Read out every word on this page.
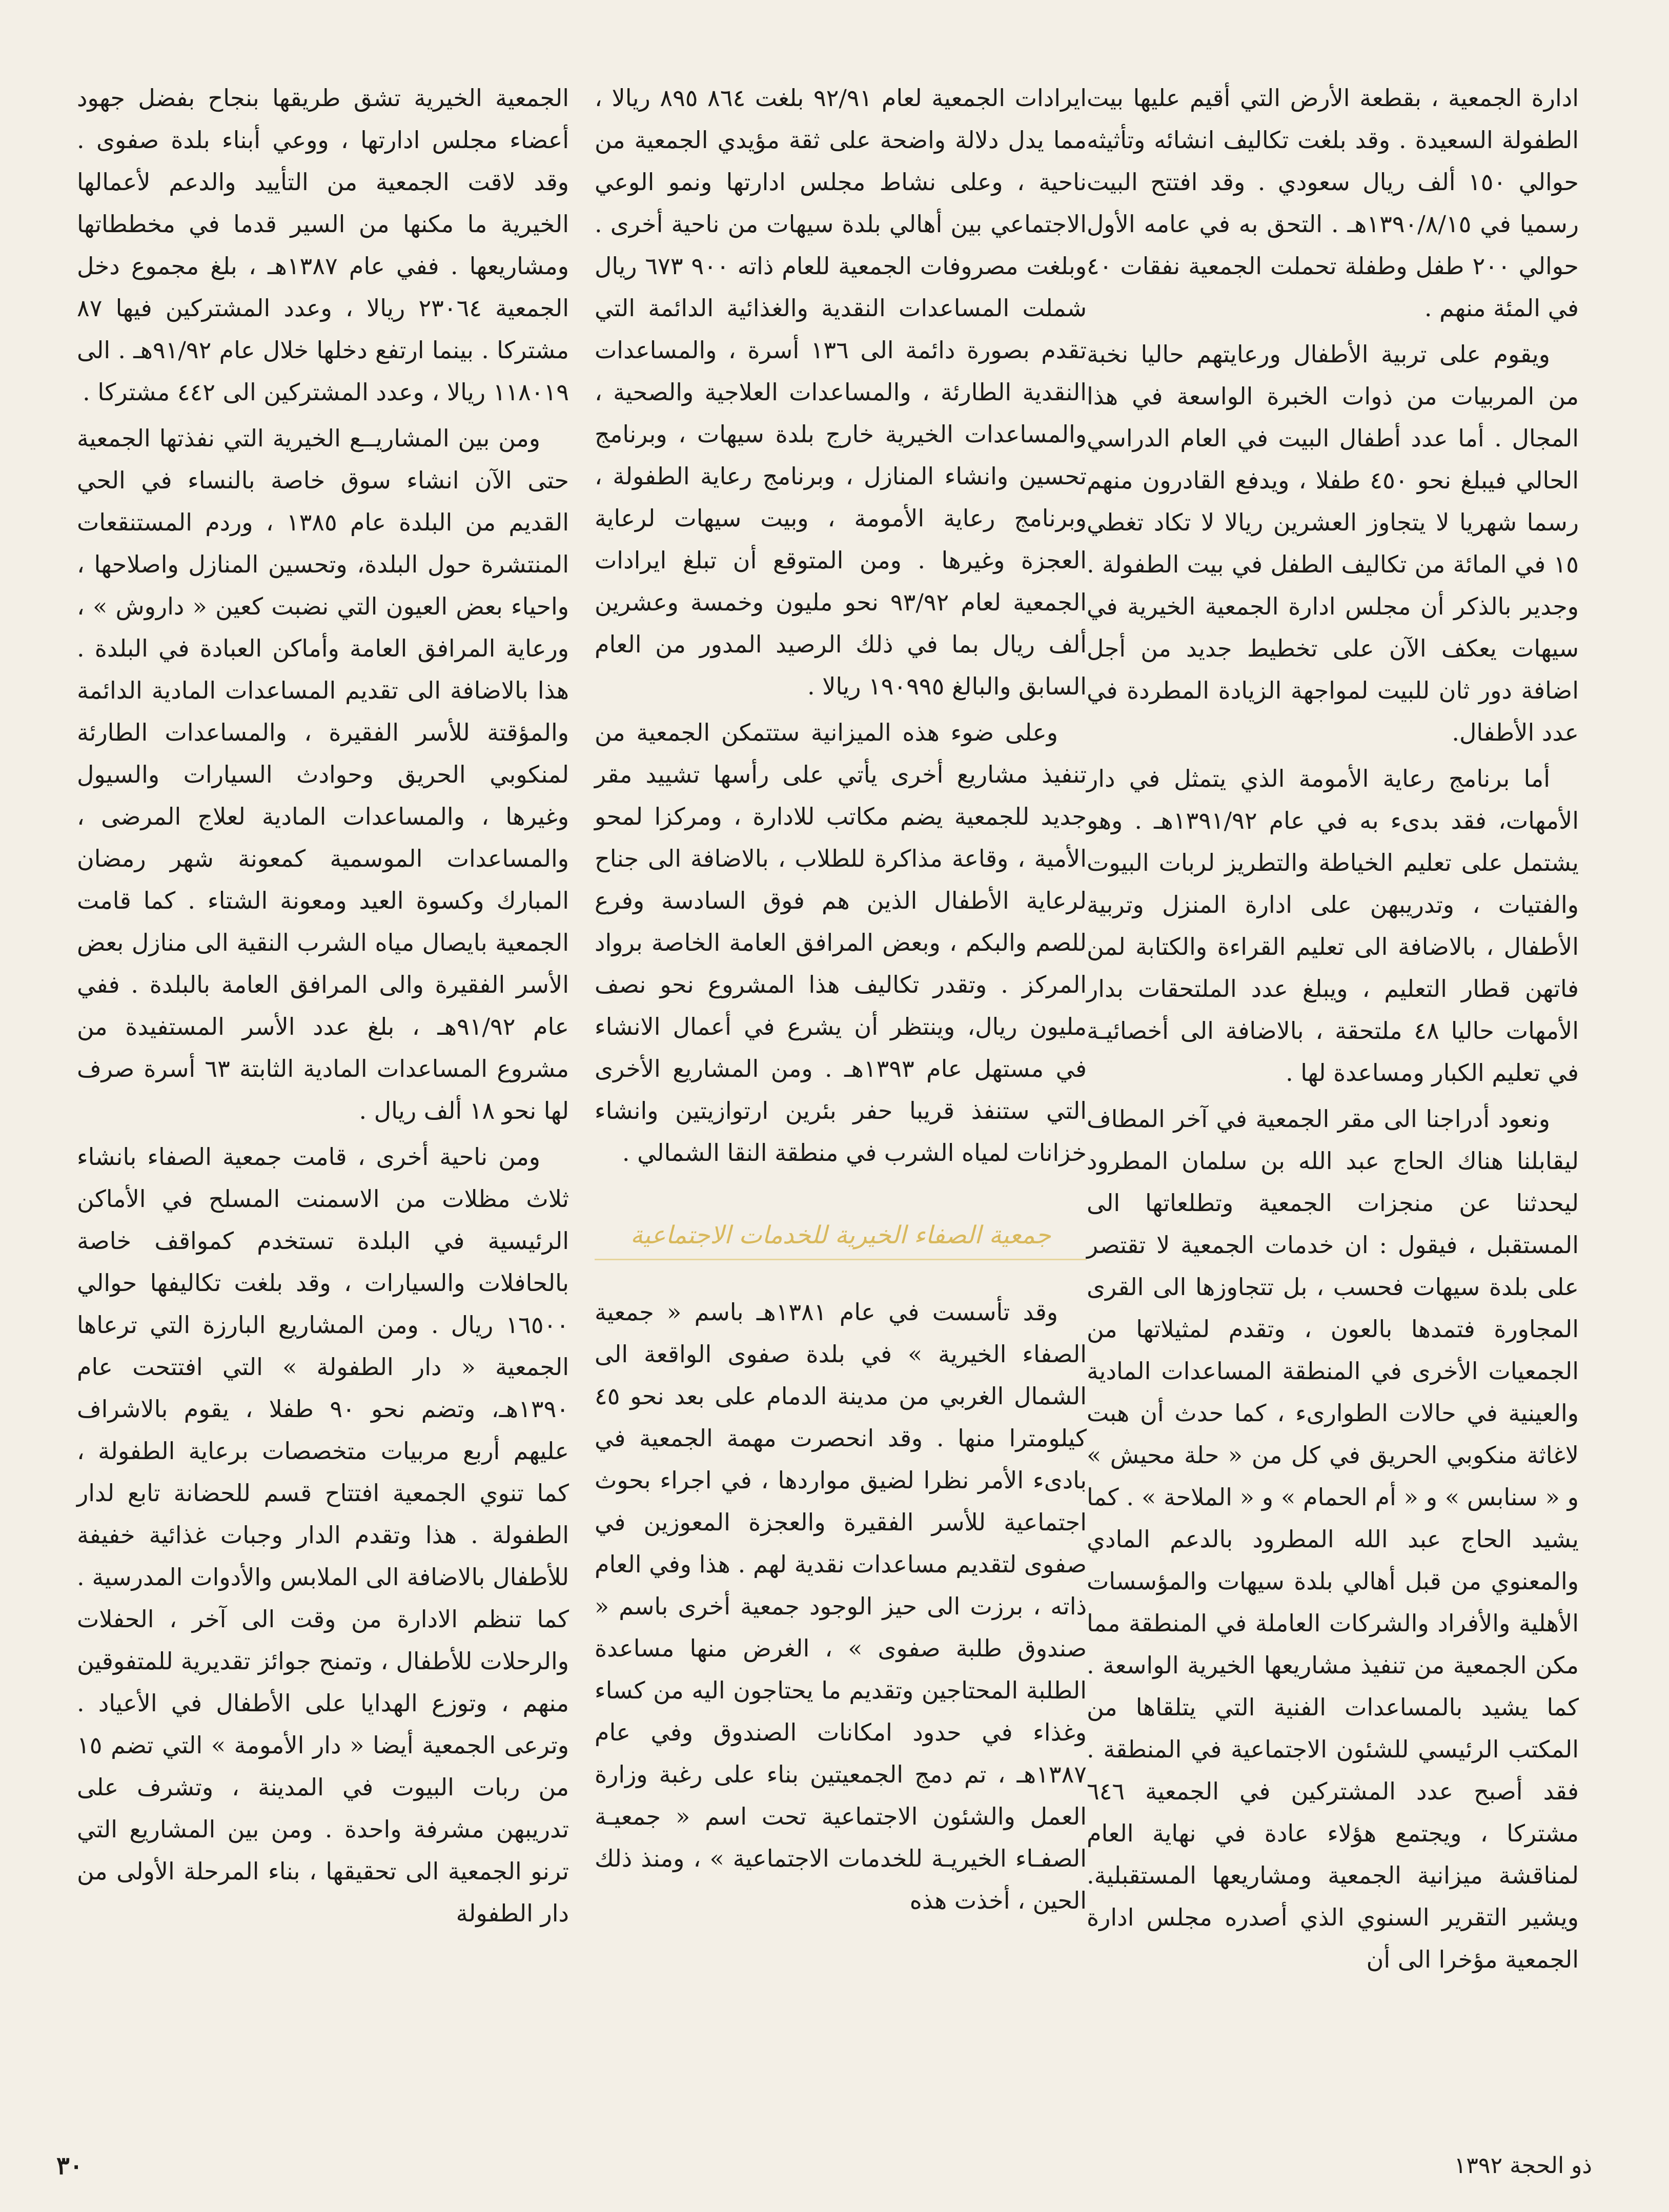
ادارة الجمعية ، بقطعة الأرض التي أقيم عليها بيت الطفولة السعيدة . وقد بلغت تكاليف انشائه وتأثيثه حوالي ١٥٠ ألف ريال سعودي . وقد افتتح البيت رسميا في ١٣٩٠/٨/١٥هـ . التحق به في عامه الأول حوالي ٢٠٠ طفل وطفلة تحملت الجمعية نفقات ٤٠ في المئة منهم .

ويقوم على تربية الأطفال ورعايتهم حاليا نخبة من المربيات من ذوات الخبرة الواسعة في هذا المجال . أما عدد أطفال البيت في العام الدراسي الحالي فيبلغ نحو ٤٥٠ طفلا ، ويدفع القادرون منهم رسما شهريا لا يتجاوز العشرين ريالا لا تكاد تغطي ١٥ في المائة من تكاليف الطفل في بيت الطفولة . وجدير بالذكر أن مجلس ادارة الجمعية الخيرية في سيهات يعكف الآن على تخطيط جديد من أجل اضافة دور ثان للبيت لمواجهة الزيادة المطردة في عدد الأطفال.

أما برنامج رعاية الأمومة الذي يتمثل في دار الأمهات، فقد بدىء به في عام ١٣٩١/٩٢هـ . وهو يشتمل على تعليم الخياطة والتطريز لربات البيوت والفتيات ، وتدريبهن على ادارة المنزل وتربية الأطفال ، بالاضافة الى تعليم القراءة والكتابة لمن فاتهن قطار التعليم ، ويبلغ عدد الملتحقات بدار الأمهات حاليا ٤٨ ملتحقة ، بالاضافة الى أخصائيـة في تعليم الكبار ومساعدة لها .

ونعود أدراجنا الى مقر الجمعية في آخر المطاف ليقابلنا هناك الحاج عبد الله بن سلمان المطرود ليحدثنا عن منجزات الجمعية وتطلعاتها الى المستقبل ، فيقول : ان خدمات الجمعية لا تقتصر على بلدة سيهات فحسب ، بل تتجاوزها الى القرى المجاورة فتمدها بالعون ، وتقدم لمثيلاتها من الجمعيات الأخرى في المنطقة المساعدات المادية والعينية في حالات الطوارىء ، كما حدث أن هبت لاغاثة منكوبي الحريق في كل من « حلة محيش » و « سنابس » و « أم الحمام » و « الملاحة » . كما يشيد الحاج عبد الله المطرود بالدعم المادي والمعنوي من قبل أهالي بلدة سيهات والمؤسسات الأهلية والأفراد والشركات العاملة في المنطقة مما مكن الجمعية من تنفيذ مشاريعها الخيرية الواسعة . كما يشيد بالمساعدات الفنية التي يتلقاها من المكتب الرئيسي للشئون الاجتماعية في المنطقة . فقد أصبح عدد المشتركين في الجمعية ٦٤٦ مشتركا ، ويجتمع هؤلاء عادة في نهاية العام لمناقشة ميزانية الجمعية ومشاريعها المستقبلية. ويشير التقرير السنوي الذي أصدره مجلس ادارة الجمعية مؤخرا الى أن

ايرادات الجمعية لعام ٩٢/٩١ بلغت ٨٦٤ ٨٩٥ ريالا ، مما يدل دلالة واضحة على ثقة مؤيدي الجمعية من ناحية ، وعلى نشاط مجلس ادارتها ونمو الوعي الاجتماعي بين أهالي بلدة سيهات من ناحية أخرى . وبلغت مصروفات الجمعية للعام ذاته ٩٠٠ ٦٧٣ ريال شملت المساعدات النقدية والغذائية الدائمة التي تقدم بصورة دائمة الى ١٣٦ أسرة ، والمساعدات النقدية الطارئة ، والمساعدات العلاجية والصحية ، والمساعدات الخيرية خارج بلدة سيهات ، وبرنامج تحسين وانشاء المنازل ، وبرنامج رعاية الطفولة ، وبرنامج رعاية الأمومة ، وبيت سيهات لرعاية العجزة وغيرها . ومن المتوقع أن تبلغ ايرادات الجمعية لعام ٩٣/٩٢ نحو مليون وخمسة وعشرين ألف ريال بما في ذلك الرصيد المدور من العام السابق والبالغ ١٩٠٩٩٥ ريالا .

وعلى ضوء هذه الميزانية ستتمكن الجمعية من تنفيذ مشاريع أخرى يأتي على رأسها تشييد مقر جديد للجمعية يضم مكاتب للادارة ، ومركزا لمحو الأمية ، وقاعة مذاكرة للطلاب ، بالاضافة الى جناح لرعاية الأطفال الذين هم فوق السادسة وفرع للصم والبكم ، وبعض المرافق العامة الخاصة برواد المركز . وتقدر تكاليف هذا المشروع نحو نصف مليون ريال، وينتظر أن يشرع في أعمال الانشاء في مستهل عام ١٣٩٣هـ . ومن المشاريع الأخرى التي ستنفذ قريبا حفر بئرين ارتوازيتين وانشاء خزانات لمياه الشرب في منطقة النقا الشمالي .

جمعية الصفاء الخيرية للخدمات الاجتماعية

وقد تأسست في عام ١٣٨١هـ باسم « جمعية الصفاء الخيرية » في بلدة صفوى الواقعة الى الشمال الغربي من مدينة الدمام على بعد نحو ٤٥ كيلومترا منها . وقد انحصرت مهمة الجمعية في بادىء الأمر نظرا لضيق مواردها ، في اجراء بحوث اجتماعية للأسر الفقيرة والعجزة المعوزين في صفوى لتقديم مساعدات نقدية لهم . هذا وفي العام ذاته ، برزت الى حيز الوجود جمعية أخرى باسم « صندوق طلبة صفوى » ، الغرض منها مساعدة الطلبة المحتاجين وتقديم ما يحتاجون اليه من كساء وغذاء في حدود امكانات الصندوق وفي عام ١٣٨٧هـ ، تم دمج الجمعيتين بناء على رغبة وزارة العمل والشئون الاجتماعية تحت اسم « جمعيـة الصفـاء الخيريـة للخدمات الاجتماعية » ، ومنذ ذلك الحين ، أخذت هذه

الجمعية الخيرية تشق طريقها بنجاح بفضل جهود أعضاء مجلس ادارتها ، ووعي أبناء بلدة صفوى . وقد لاقت الجمعية من التأييد والدعم لأعمالها الخيرية ما مكنها من السير قدما في مخططاتها ومشاريعها . ففي عام ١٣٨٧هـ ، بلغ مجموع دخل الجمعية ٢٣٠٦٤ ريالا ، وعدد المشتركين فيها ٨٧ مشتركا . بينما ارتفع دخلها خلال عام ٩١/٩٢هـ . الى ١١٨٠١٩ ريالا ، وعدد المشتركين الى ٤٤٢ مشتركا .

ومن بين المشاريــع الخيرية التي نفذتها الجمعية حتى الآن انشاء سوق خاصة بالنساء في الحي القديم من البلدة عام ١٣٨٥ ، وردم المستنقعات المنتشرة حول البلدة، وتحسين المنازل واصلاحها ، واحياء بعض العيون التي نضبت كعين « داروش » ، ورعاية المرافق العامة وأماكن العبادة في البلدة . هذا بالاضافة الى تقديم المساعدات المادية الدائمة والمؤقتة للأسر الفقيرة ، والمساعدات الطارئة لمنكوبي الحريق وحوادث السيارات والسيول وغيرها ، والمساعدات المادية لعلاج المرضى ، والمساعدات الموسمية كمعونة شهر رمضان المبارك وكسوة العيد ومعونة الشتاء . كما قامت الجمعية بايصال مياه الشرب النقية الى منازل بعض الأسر الفقيرة والى المرافق العامة بالبلدة . ففي عام ٩١/٩٢هـ ، بلغ عدد الأسر المستفيدة من مشروع المساعدات المادية الثابتة ٦٣ أسرة صرف لها نحو ١٨ ألف ريال .

ومن ناحية أخرى ، قامت جمعية الصفاء بانشاء ثلاث مظلات من الاسمنت المسلح في الأماكن الرئيسية في البلدة تستخدم كمواقف خاصة بالحافلات والسيارات ، وقد بلغت تكاليفها حوالي ١٦٥٠٠ ريال . ومن المشاريع البارزة التي ترعاها الجمعية « دار الطفولة » التي افتتحت عام ١٣٩٠هـ، وتضم نحو ٩٠ طفلا ، يقوم بالاشراف عليهم أربع مربيات متخصصات برعاية الطفولة ، كما تنوي الجمعية افتتاح قسم للحضانة تابع لدار الطفولة . هذا وتقدم الدار وجبات غذائية خفيفة للأطفال بالاضافة الى الملابس والأدوات المدرسية . كما تنظم الادارة من وقت الى آخر ، الحفلات والرحلات للأطفال ، وتمنح جوائز تقديرية للمتفوقين منهم ، وتوزع الهدايا على الأطفال في الأعياد . وترعى الجمعية أيضا « دار الأمومة » التي تضم ١٥ من ربات البيوت في المدينة ، وتشرف على تدريبهن مشرفة واحدة . ومن بين المشاريع التي ترنو الجمعية الى تحقيقها ، بناء المرحلة الأولى من دار الطفولة

ذو الحجة ١٣٩٢
٣٠
